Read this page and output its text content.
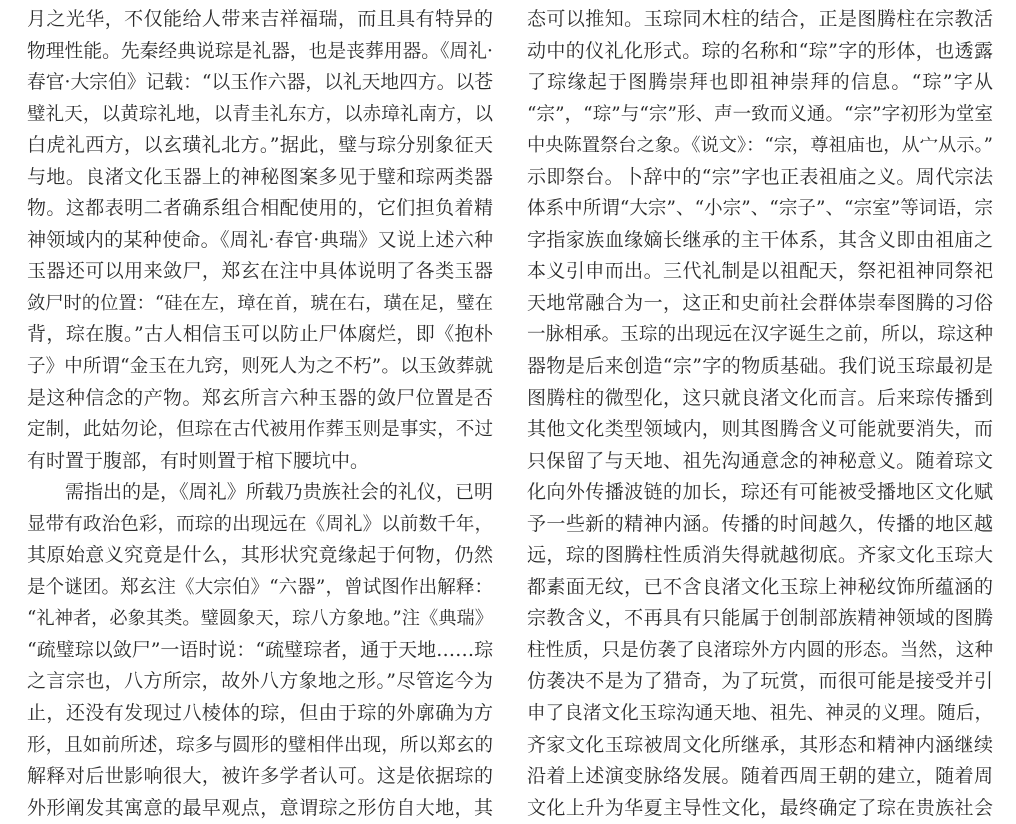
月之光华，不仅能给人带来吉祥福瑞，而且具有特异的
物理性能。先秦经典说琮是礼器，也是丧葬用器。《周礼·
春官·大宗伯》记载：“以玉作六器，以礼天地四方。以苍
璧礼天，以黄琮礼地，以青圭礼东方，以赤璋礼南方，以
白虎礼西方，以玄璜礼北方。”据此，璧与琮分别象征天
与地。良渚文化玉器上的神秘图案多见于璧和琮两类器
物。这都表明二者确系组合相配使用的，它们担负着精
神领域内的某种使命。《周礼·春官·典瑞》又说上述六种
玉器还可以用来敛尸，郑玄在注中具体说明了各类玉器
敛尸时的位置：“硅在左，璋在首，琥在右，璜在足，璧在
背，琮在腹。”古人相信玉可以防止尸体腐烂，即《抱朴
子》中所谓“金玉在九窍，则死人为之不朽”。以玉敛葬就
是这种信念的产物。郑玄所言六种玉器的敛尸位置是否
定制，此姑勿论，但琮在古代被用作葬玉则是事实，不过
有时置于腹部，有时则置于棺下腰坑中。
需指出的是，《周礼》所载乃贵族社会的礼仪，已明
显带有政治色彩，而琮的出现远在《周礼》以前数千年，
其原始意义究竟是什么，其形状究竟缘起于何物，仍然
是个谜团。郑玄注《大宗伯》“六器”，曾试图作出解释：
“礼神者，必象其类。璧圆象天，琮八方象地。”注《典瑞》
“疏璧琮以敛尸”一语时说：“疏璧琮者，通于天地……琮
之言宗也，八方所宗，故外八方象地之形。”尽管迄今为
止，还没有发现过八棱体的琮，但由于琮的外廓确为方
形，且如前所述，琮多与圆形的璧相伴出现，所以郑玄的
解释对后世影响很大，被许多学者认可。这是依据琮的
外形阐发其寓意的最早观点，意谓琮之形仿自大地，其
态可以推知。玉琮同木柱的结合，正是图腾柱在宗教活
动中的仪礼化形式。琮的名称和“琮”字的形体，也透露
了琮缘起于图腾崇拜也即祖神崇拜的信息。“琮”字从
“宗”，“琮”与“宗”形、声一致而义通。“宗”字初形为堂室
中央陈置祭台之象。《说文》：“宗，尊祖庙也，从宀从示。”
示即祭台。卜辞中的“宗”字也正表祖庙之义。周代宗法
体系中所谓“大宗”、“小宗”、“宗子”、“宗室”等词语，宗
字指家族血缘嫡长继承的主干体系，其含义即由祖庙之
本义引申而出。三代礼制是以祖配天，祭祀祖神同祭祀
天地常融合为一，这正和史前社会群体崇奉图腾的习俗
一脉相承。玉琮的出现远在汉字诞生之前，所以，琮这种
器物是后来创造“宗”字的物质基础。我们说玉琮最初是
图腾柱的微型化，这只就良渚文化而言。后来琮传播到
其他文化类型领域内，则其图腾含义可能就要消失，而
只保留了与天地、祖先沟通意念的神秘意义。随着琮文
化向外传播波链的加长，琮还有可能被受播地区文化赋
予一些新的精神内涵。传播的时间越久，传播的地区越
远，琮的图腾柱性质消失得就越彻底。齐家文化玉琮大
都素面无纹，已不含良渚文化玉琮上神秘纹饰所蕴涵的
宗教含义，不再具有只能属于创制部族精神领域的图腾
柱性质，只是仿袭了良渚琮外方内圆的形态。当然，这种
仿袭决不是为了猎奇，为了玩赏，而很可能是接受并引
申了良渚文化玉琮沟通天地、祖先、神灵的义理。随后，
齐家文化玉琮被周文化所继承，其形态和精神内涵继续
沿着上述演变脉络发展。随着西周王朝的建立，随着周
文化上升为华夏主导性文化，最终确定了琮在贵族社会
